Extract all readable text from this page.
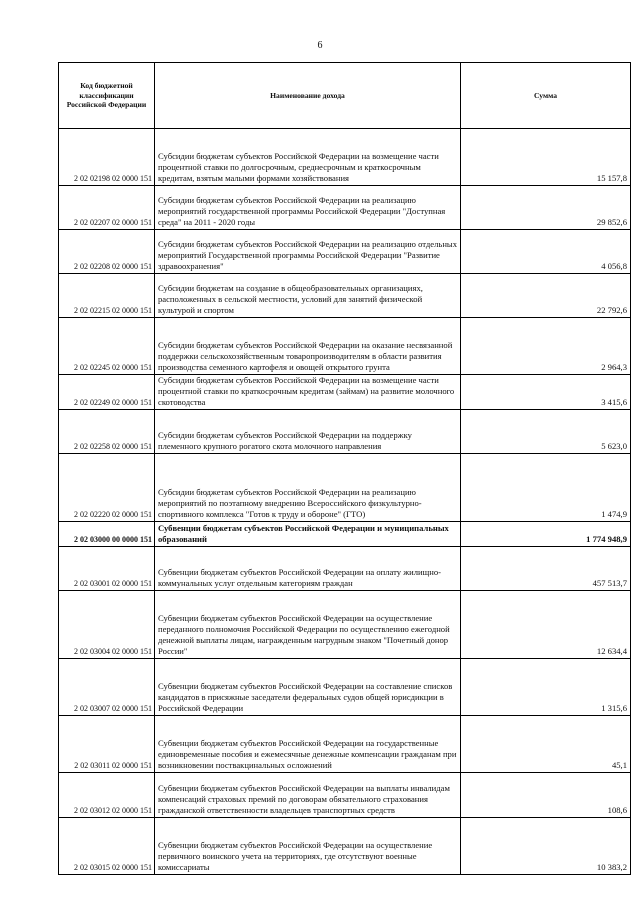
6
Код бюджетной классификации Российской Федерации	Наименование дохода	Сумма
2 02 02198 02 0000 151	Субсидии бюджетам субъектов Российской Федерации на возмещение части процентной ставки по долгосрочным, среднесрочным и краткосрочным кредитам, взятым малыми формами хозяйствования	15 157,8
2 02 02207 02 0000 151	Субсидии бюджетам субъектов Российской Федерации на реализацию мероприятий государственной программы Российской Федерации "Доступная среда" на 2011 - 2020 годы	29 852,6
2 02 02208 02 0000 151	Субсидии бюджетам субъектов Российской Федерации на реализацию отдельных мероприятий Государственной программы Российской Федерации "Развитие здравоохранения"	4 056,8
2 02 02215 02 0000 151	Субсидии бюджетам на создание в общеобразовательных организациях, расположенных в сельской местности, условий для занятий физической культурой и спортом	22 792,6
2 02 02245 02 0000 151	Субсидии бюджетам субъектов Российской Федерации на оказание несвязанной поддержки сельскохозяйственным товаропроизводителям в области развития производства семенного картофеля и овощей открытого грунта	2 964,3
2 02 02249 02 0000 151	Субсидии бюджетам субъектов Российской Федерации на возмещение части процентной ставки по краткосрочным кредитам (займам) на развитие молочного скотоводства	3 415,6
2 02 02258 02 0000 151	Субсидии бюджетам субъектов Российской Федерации на поддержку племенного крупного рогатого скота молочного направления	5 623,0
2 02 02220 02 0000 151	Субсидии бюджетам субъектов Российской Федерации на реализацию мероприятий по поэтапному внедрению Всероссийского физкультурно-спортивного комплекса "Готов к труду и обороне" (ГТО)	1 474,9
2 02 03000 00 0000 151	Субвенции бюджетам субъектов Российской Федерации и муниципальных образований	1 774 948,9
2 02 03001 02 0000 151	Субвенции бюджетам субъектов Российской Федерации на оплату жилищно-коммунальных услуг отдельным категориям граждан	457 513,7
2 02 03004 02 0000 151	Субвенции бюджетам субъектов Российской Федерации на осуществление переданного полномочия Российской Федерации по осуществлению ежегодной денежной выплаты лицам, награжденным нагрудным знаком "Почетный донор России"	12 634,4
2 02 03007 02 0000 151	Субвенции бюджетам субъектов Российской Федерации на составление списков кандидатов в присяжные заседатели федеральных судов общей юрисдикции в Российской Федерации	1 315,6
2 02 03011 02 0000 151	Субвенции бюджетам субъектов Российской Федерации на государственные единовременные пособия и ежемесячные денежные компенсации гражданам при возникновении поствакцинальных осложнений	45,1
2 02 03012 02 0000 151	Субвенции бюджетам субъектов Российской Федерации на выплаты инвалидам компенсаций страховых премий по договорам обязательного страхования гражданской ответственности владельцев транспортных средств	108,6
2 02 03015 02 0000 151	Субвенции бюджетам субъектов Российской Федерации на осуществление первичного воинского учета на территориях, где отсутствуют военные комиссариаты	10 383,2
